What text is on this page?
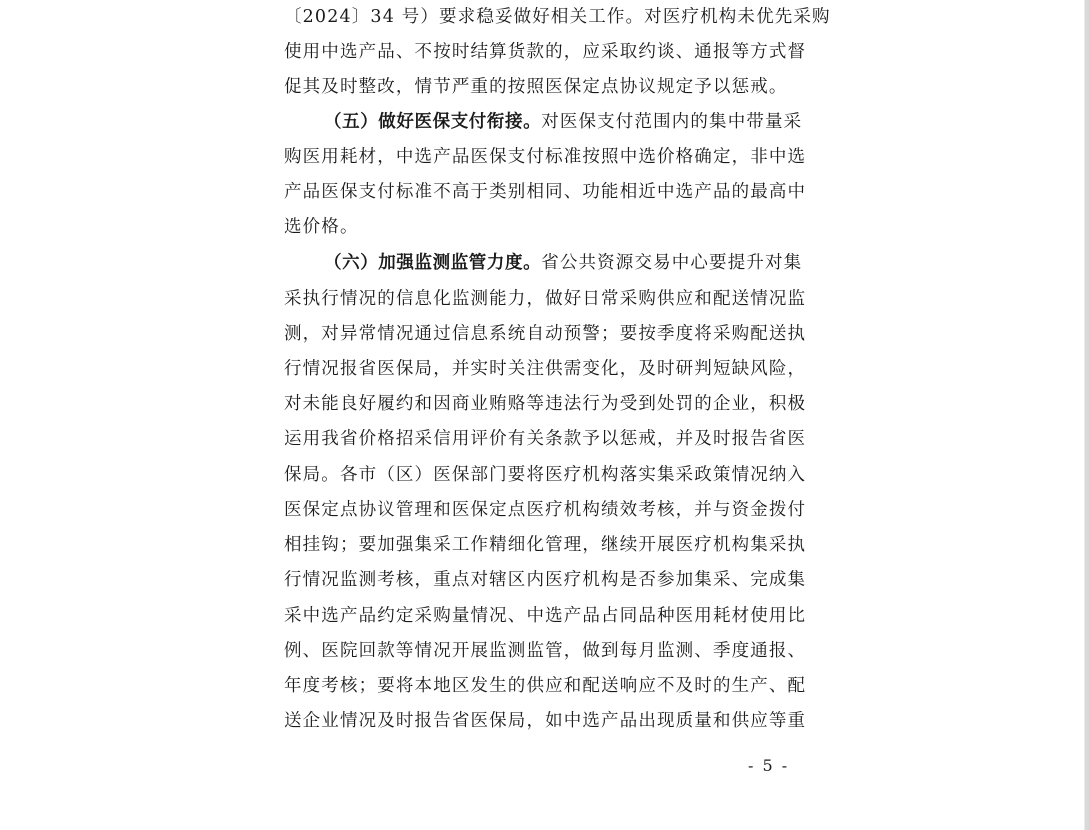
〔2024〕34 号）要求稳妥做好相关工作。对医疗机构未优先采购
使用中选产品、不按时结算货款的，应采取约谈、通报等方式督
促其及时整改，情节严重的按照医保定点协议规定予以惩戒。
（五）做好医保支付衔接。对医保支付范围内的集中带量采
购医用耗材，中选产品医保支付标准按照中选价格确定，非中选
产品医保支付标准不高于类别相同、功能相近中选产品的最高中
选价格。
（六）加强监测监管力度。省公共资源交易中心要提升对集
采执行情况的信息化监测能力，做好日常采购供应和配送情况监
测，对异常情况通过信息系统自动预警；要按季度将采购配送执
行情况报省医保局，并实时关注供需变化，及时研判短缺风险，
对未能良好履约和因商业贿赂等违法行为受到处罚的企业，积极
运用我省价格招采信用评价有关条款予以惩戒，并及时报告省医
保局。各市（区）医保部门要将医疗机构落实集采政策情况纳入
医保定点协议管理和医保定点医疗机构绩效考核，并与资金拨付
相挂钩；要加强集采工作精细化管理，继续开展医疗机构集采执
行情况监测考核，重点对辖区内医疗机构是否参加集采、完成集
采中选产品约定采购量情况、中选产品占同品种医用耗材使用比
例、医院回款等情况开展监测监管，做到每月监测、季度通报、
年度考核；要将本地区发生的供应和配送响应不及时的生产、配
送企业情况及时报告省医保局，如中选产品出现质量和供应等重
- 5 -
